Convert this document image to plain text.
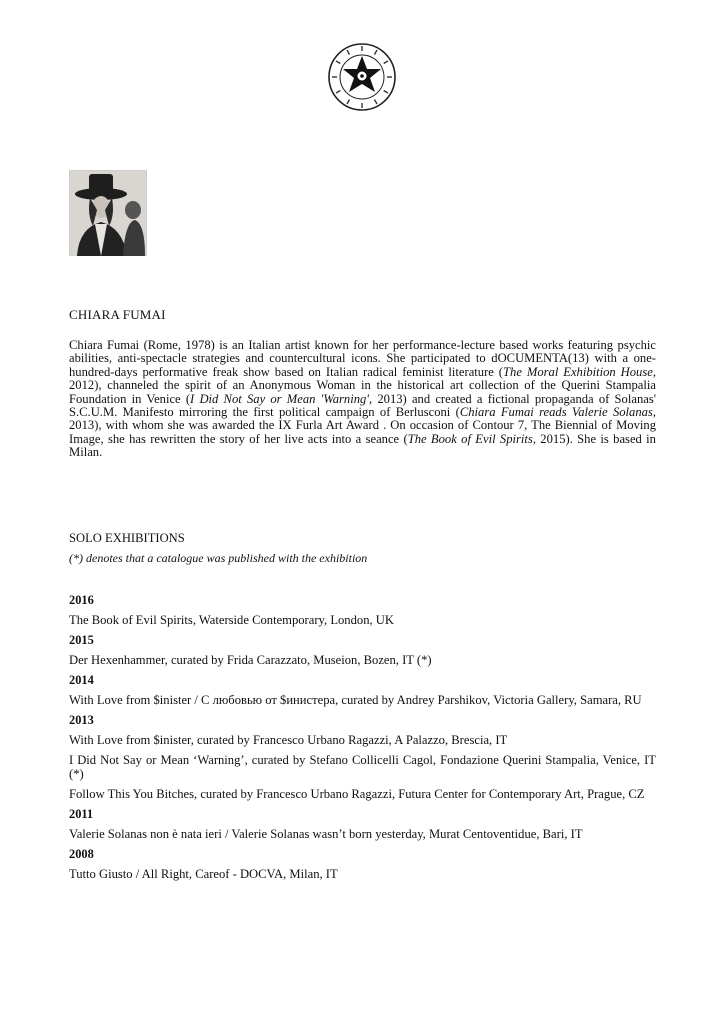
CHIARA FUMAI
Chiara Fumai (Rome, 1978) is an Italian artist known for her performance-lecture based works featuring psychic abilities, anti-spectacle strategies and countercultural icons. She participated to dOCUMENTA(13) with a one-hundred-days performative freak show based on Italian radical feminist literature (The Moral Exhibition House, 2012), channeled the spirit of an Anonymous Woman in the historical art collection of the Querini Stampalia Foundation in Venice (I Did Not Say or Mean 'Warning', 2013) and created a fictional propaganda of Solanas' S.C.U.M. Manifesto mirroring the first political campaign of Berlusconi (Chiara Fumai reads Valerie Solanas, 2013), with whom she was awarded the IX Furla Art Award . On occasion of Contour 7, The Biennial of Moving Image, she has rewritten the story of her live acts into a seance (The Book of Evil Spirits, 2015). She is based in Milan.
SOLO EXHIBITIONS
(*) denotes that a catalogue was published with the exhibition
2016
The Book of Evil Spirits, Waterside Contemporary, London, UK
2015
Der Hexenhammer, curated by Frida Carazzato, Museion, Bozen, IT (*)
2014
With Love from $inister / С любовью от $инистера, curated by Andrey Parshikov, Victoria Gallery, Samara, RU
2013
With Love from $inister, curated by Francesco Urbano Ragazzi, A Palazzo, Brescia, IT
I Did Not Say or Mean ‘Warning’, curated by Stefano Collicelli Cagol, Fondazione Querini Stampalia, Venice, IT (*)
Follow This You Bitches, curated by Francesco Urbano Ragazzi, Futura Center for Contemporary Art, Prague, CZ
2011
Valerie Solanas non è nata ieri / Valerie Solanas wasn’t born yesterday, Murat Centoventidue, Bari, IT
2008
Tutto Giusto / All Right, Careof - DOCVA, Milan, IT
